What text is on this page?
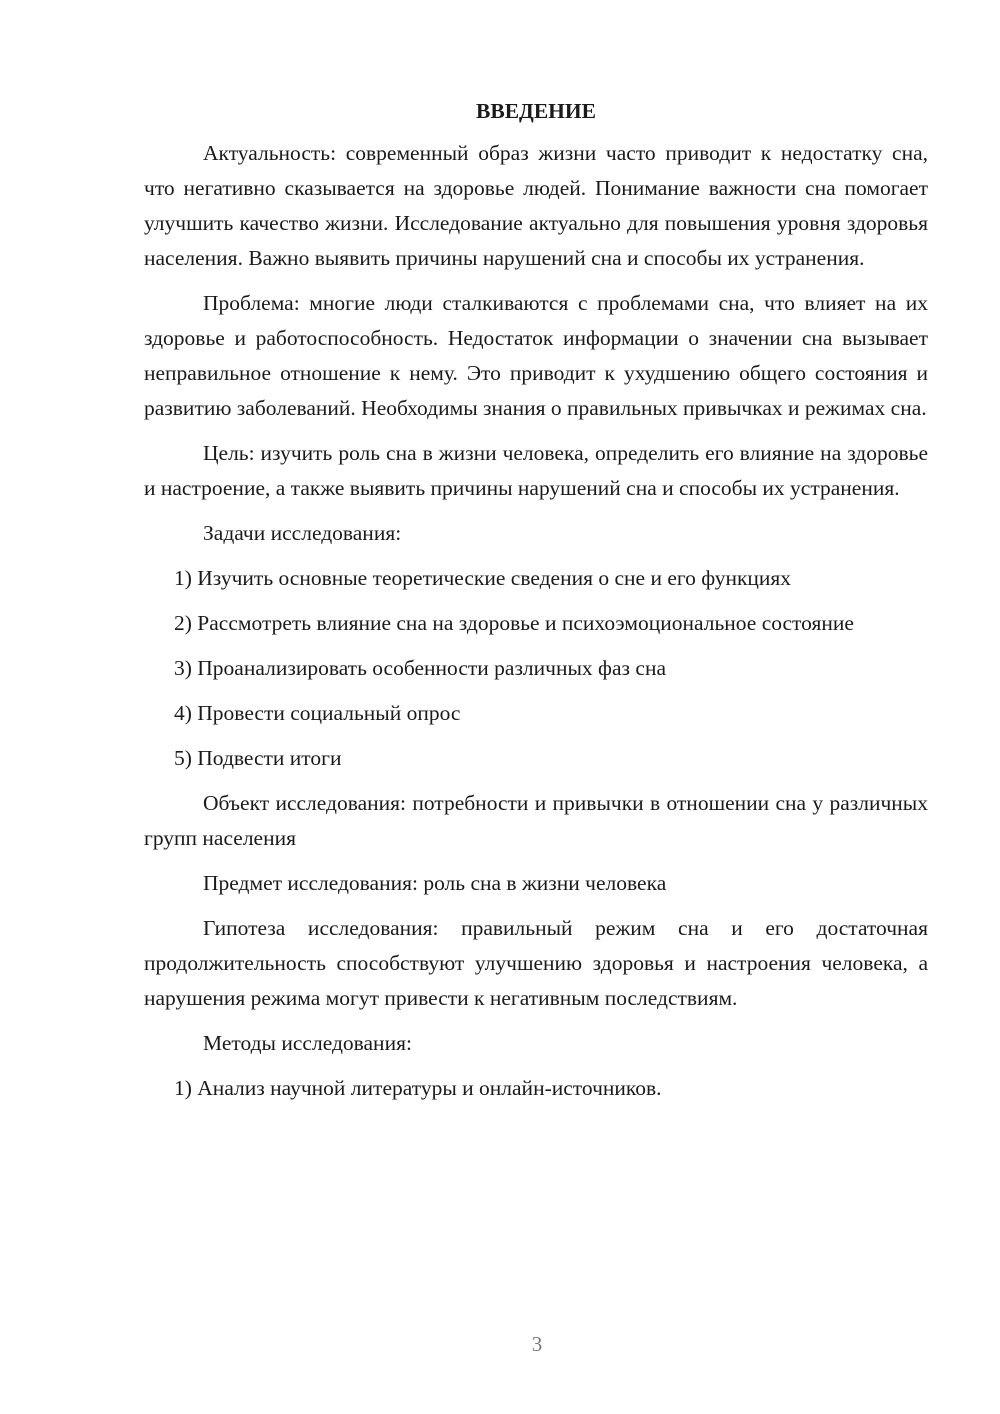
ВВЕДЕНИЕ

Актуальность: современный образ жизни часто приводит к недостатку сна, что негативно сказывается на здоровье людей. Понимание важности сна помогает улучшить качество жизни. Исследование актуально для повышения уровня здоровья населения. Важно выявить причины нарушений сна и способы их устранения.

Проблема: многие люди сталкиваются с проблемами сна, что влияет на их здоровье и работоспособность. Недостаток информации о значении сна вызывает неправильное отношение к нему. Это приводит к ухудшению общего состояния и развитию заболеваний. Необходимы знания о правильных привычках и режимах сна.

Цель: изучить роль сна в жизни человека, определить его влияние на здоровье и настроение, а также выявить причины нарушений сна и способы их устранения.

Задачи исследования:

1) Изучить основные теоретические сведения о сне и его функциях

2) Рассмотреть влияние сна на здоровье и психоэмоциональное состояние

3) Проанализировать особенности различных фаз сна

4) Провести социальный опрос

5) Подвести итоги

Объект исследования: потребности и привычки в отношении сна у различных групп населения

Предмет исследования: роль сна в жизни человека

Гипотеза исследования: правильный режим сна и его достаточная продолжительность способствуют улучшению здоровья и настроения человека, а нарушения режима могут привести к негативным последствиям.

Методы исследования:

1) Анализ научной литературы и онлайн-источников.

3
